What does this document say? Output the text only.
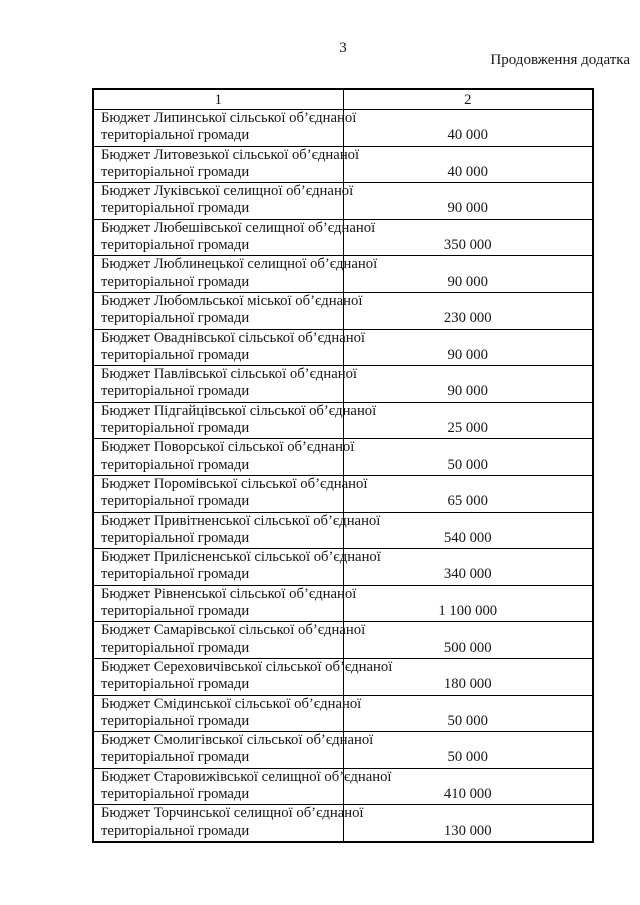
3
Продовження додатка
1	2

Бюджет Липинської сільської об’єднаної
територіальної громади	40 000

Бюджет Литовезької сільської об’єднаної
територіальної громади	40 000

Бюджет Луківської селищної об’єднаної
територіальної громади	90 000

Бюджет Любешівської селищної об’єднаної
територіальної громади	350 000

Бюджет Люблинецької селищної об’єднаної
територіальної громади	90 000

Бюджет Любомльської міської об’єднаної
територіальної громади	230 000

Бюджет Оваднівської сільської об’єднаної
територіальної громади	90 000

Бюджет Павлівської сільської об’єднаної
територіальної громади	90 000

Бюджет Підгайцівської сільської об’єднаної
територіальної громади	25 000

Бюджет Поворської сільської об’єднаної
територіальної громади	50 000

Бюджет Поромівської сільської об’єднаної
територіальної громади	65 000

Бюджет Привітненської сільської об’єднаної
територіальної громади	540 000

Бюджет Прилісненської сільської об’єднаної
територіальної громади	340 000

Бюджет Рівненської сільської об’єднаної
територіальної громади	1 100 000

Бюджет Самарівської сільської об’єднаної
територіальної громади	500 000

Бюджет Сереховичівської сільської об’єднаної
територіальної громади	180 000

Бюджет Смідинської сільської об’єднаної
територіальної громади	50 000

Бюджет Смолигівської сільської об’єднаної
територіальної громади	50 000

Бюджет Старовижівської селищної об’єднаної
територіальної громади	410 000

Бюджет Торчинської селищної об’єднаної
територіальної громади	130 000
